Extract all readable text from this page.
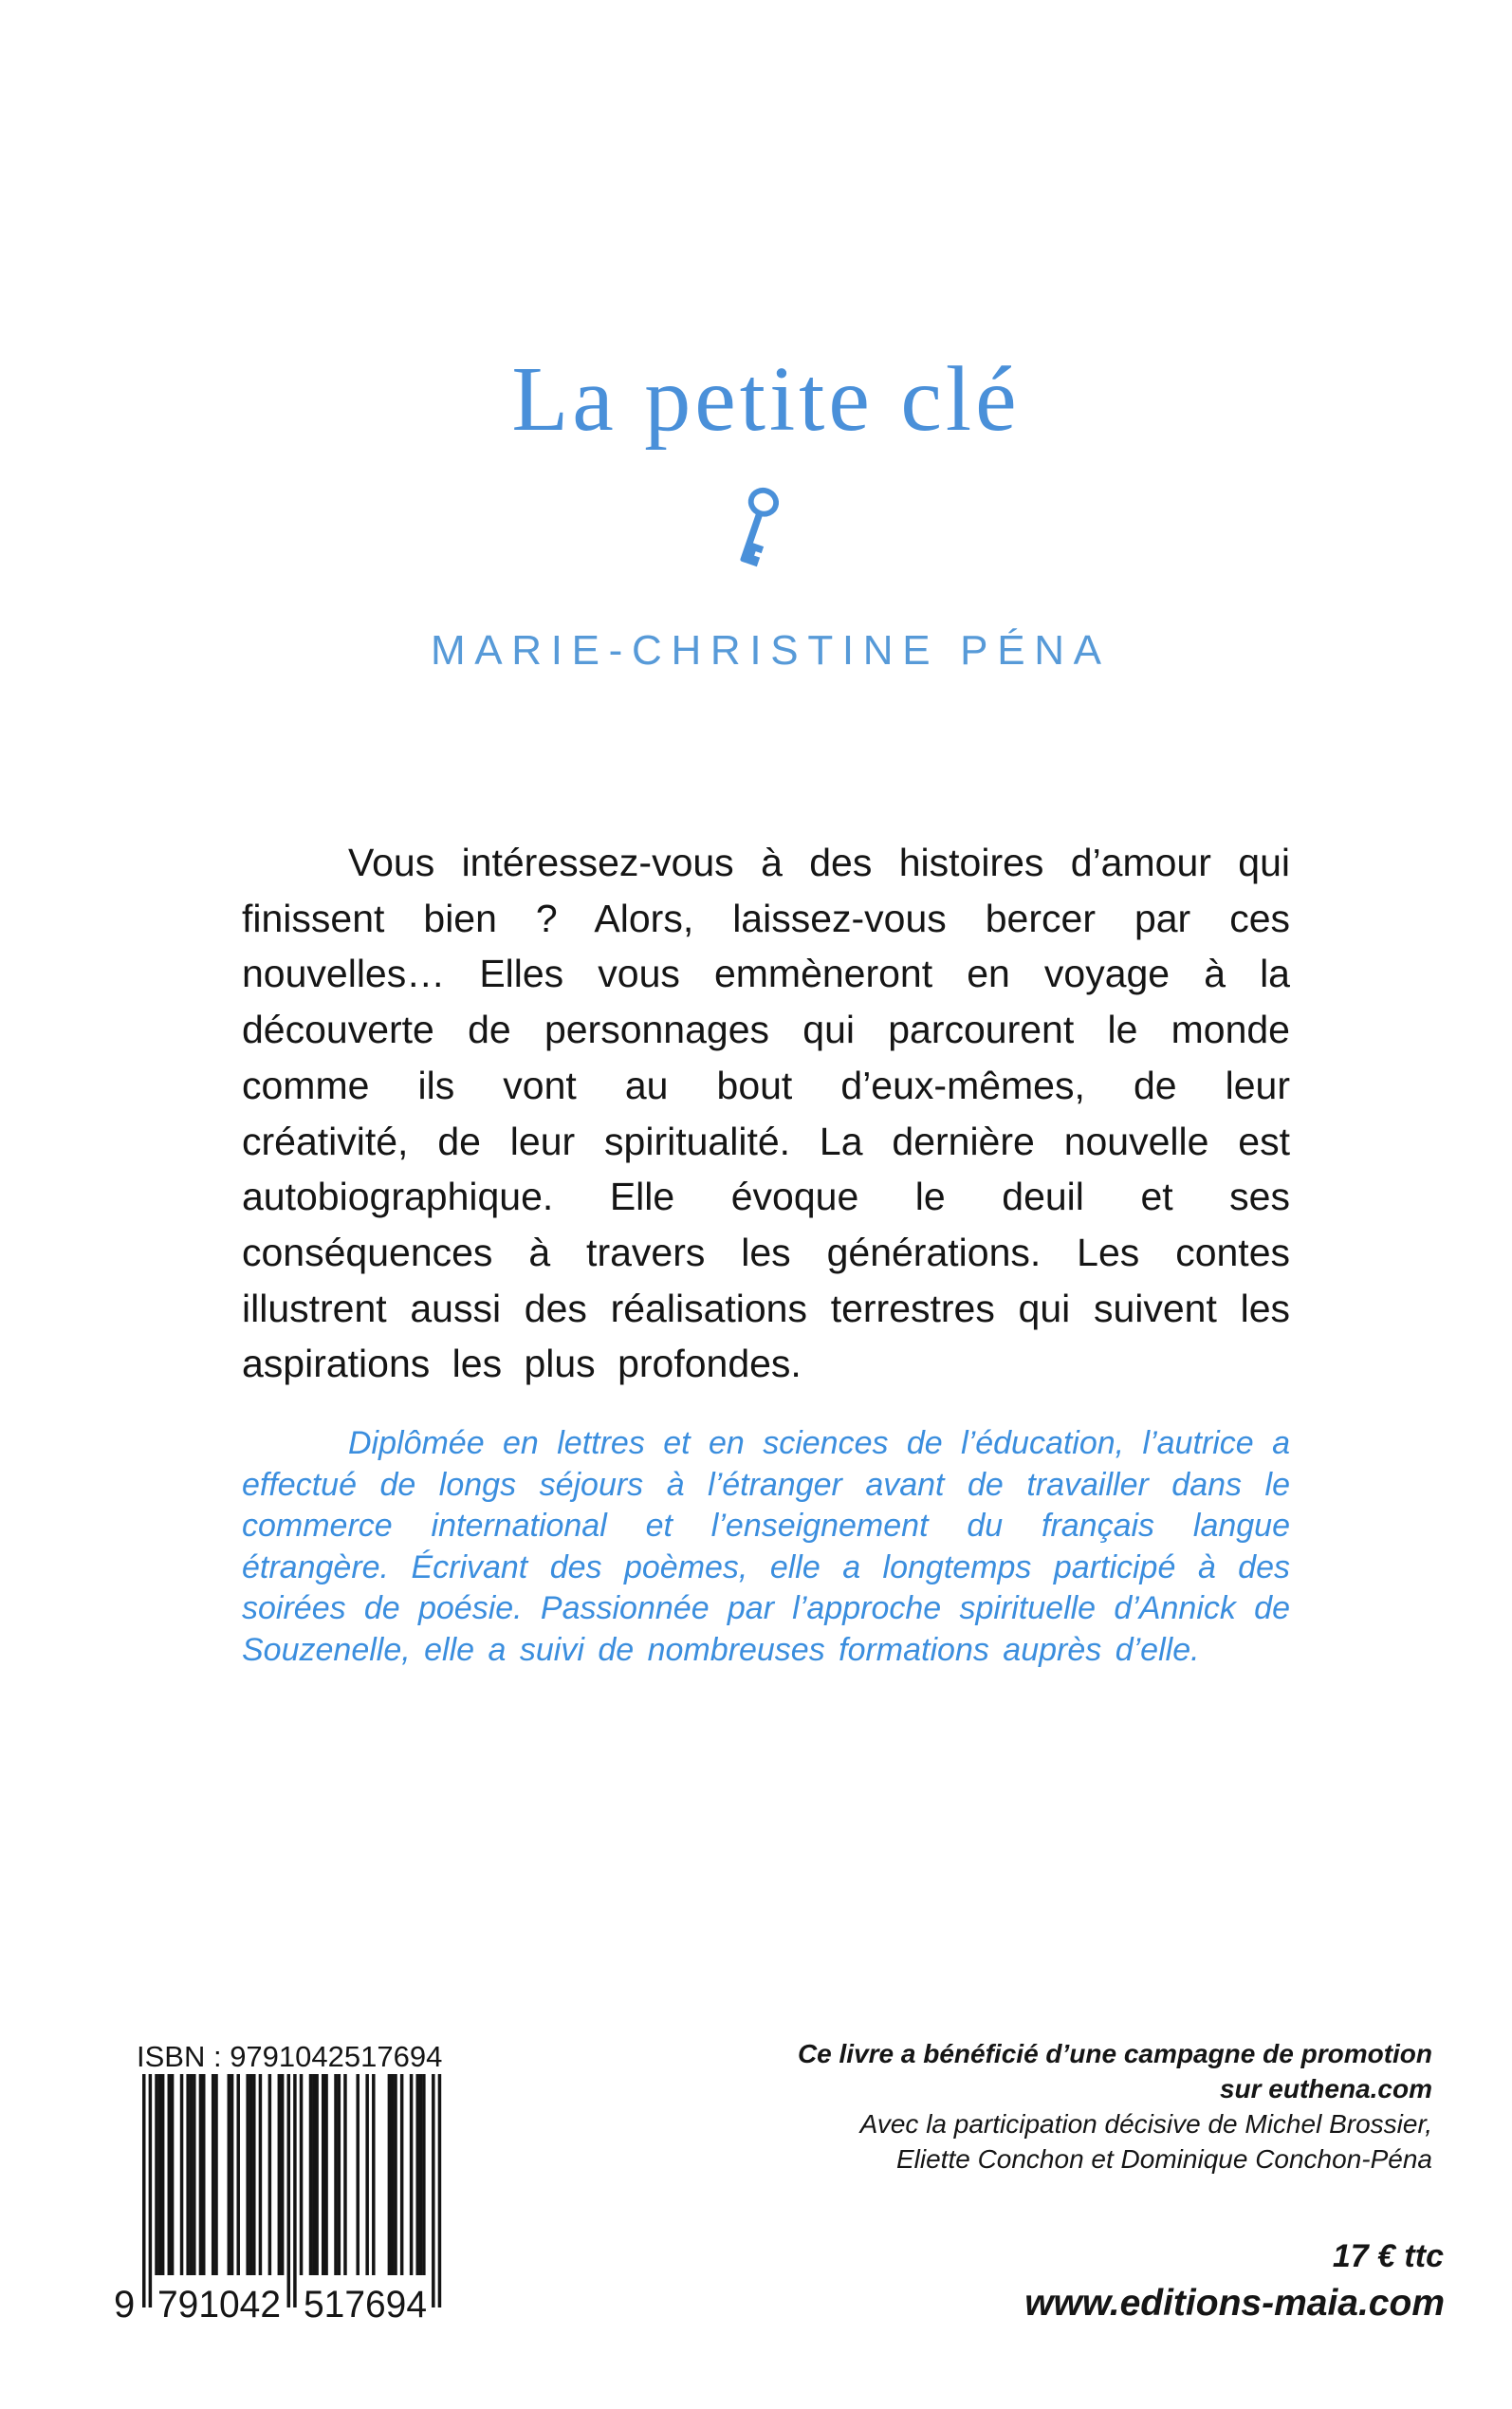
La petite clé
MARIE-CHRISTINE PÉNA

Vous intéressez-vous à des histoires d’amour qui finissent bien ? Alors, laissez-vous bercer par ces nouvelles… Elles vous emmèneront en voyage à la découverte de personnages qui parcourent le monde comme ils vont au bout d’eux-mêmes, de leur créativité, de leur spiritualité. La dernière nouvelle est autobiographique. Elle évoque le deuil et ses conséquences à travers les générations. Les contes illustrent aussi des réalisations terrestres qui suivent les aspirations les plus profondes.

Diplômée en lettres et en sciences de l’éducation, l’autrice a effectué de longs séjours à l’étranger avant de travailler dans le commerce international et l’enseignement du français langue étrangère. Écrivant des poèmes, elle a longtemps participé à des soirées de poésie. Passionnée par l’approche spirituelle d’Annick de Souzenelle, elle a suivi de nombreuses formations auprès d’elle.

ISBN : 9791042517694
9 791042 517694
Ce livre a bénéficié d’une campagne de promotion
sur euthena.com
Avec la participation décisive de Michel Brossier,
Eliette Conchon et Dominique Conchon-Péna
17 € ttc
www.editions-maia.com
